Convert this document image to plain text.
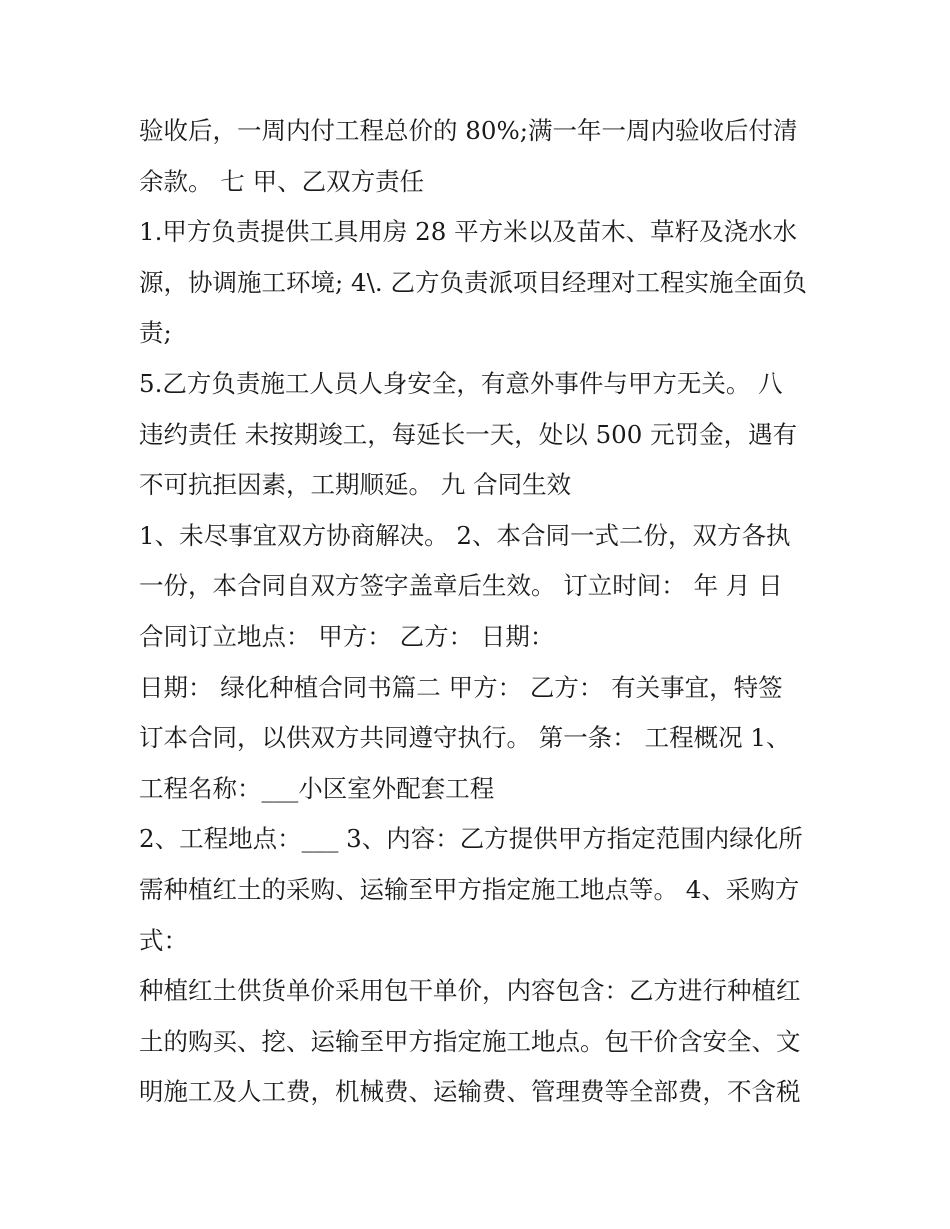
验收后，一周内付工程总价的 80%;满一年一周内验收后付清
余款。 七 甲、乙双方责任
1.甲方负责提供工具用房 28 平方米以及苗木、草籽及浇水水
源，协调施工环境; 4\. 乙方负责派项目经理对工程实施全面负
责;
5.乙方负责施工人员人身安全，有意外事件与甲方无关。 八
违约责任 未按期竣工，每延长一天，处以 500 元罚金，遇有
不可抗拒因素，工期顺延。 九 合同生效
1、未尽事宜双方协商解决。 2、本合同一式二份，双方各执
一份，本合同自双方签字盖章后生效。 订立时间： 年 月 日
合同订立地点： 甲方： 乙方： 日期：
日期： 绿化种植合同书篇二 甲方： 乙方： 有关事宜，特签
订本合同，以供双方共同遵守执行。 第一条： 工程概况 1、
工程名称：___小区室外配套工程
2、工程地点：___ 3、内容：乙方提供甲方指定范围内绿化所
需种植红土的采购、运输至甲方指定施工地点等。 4、采购方
式：
种植红土供货单价采用包干单价，内容包含：乙方进行种植红
土的购买、挖、运输至甲方指定施工地点。包干价含安全、文
明施工及人工费，机械费、运输费、管理费等全部费，不含税
